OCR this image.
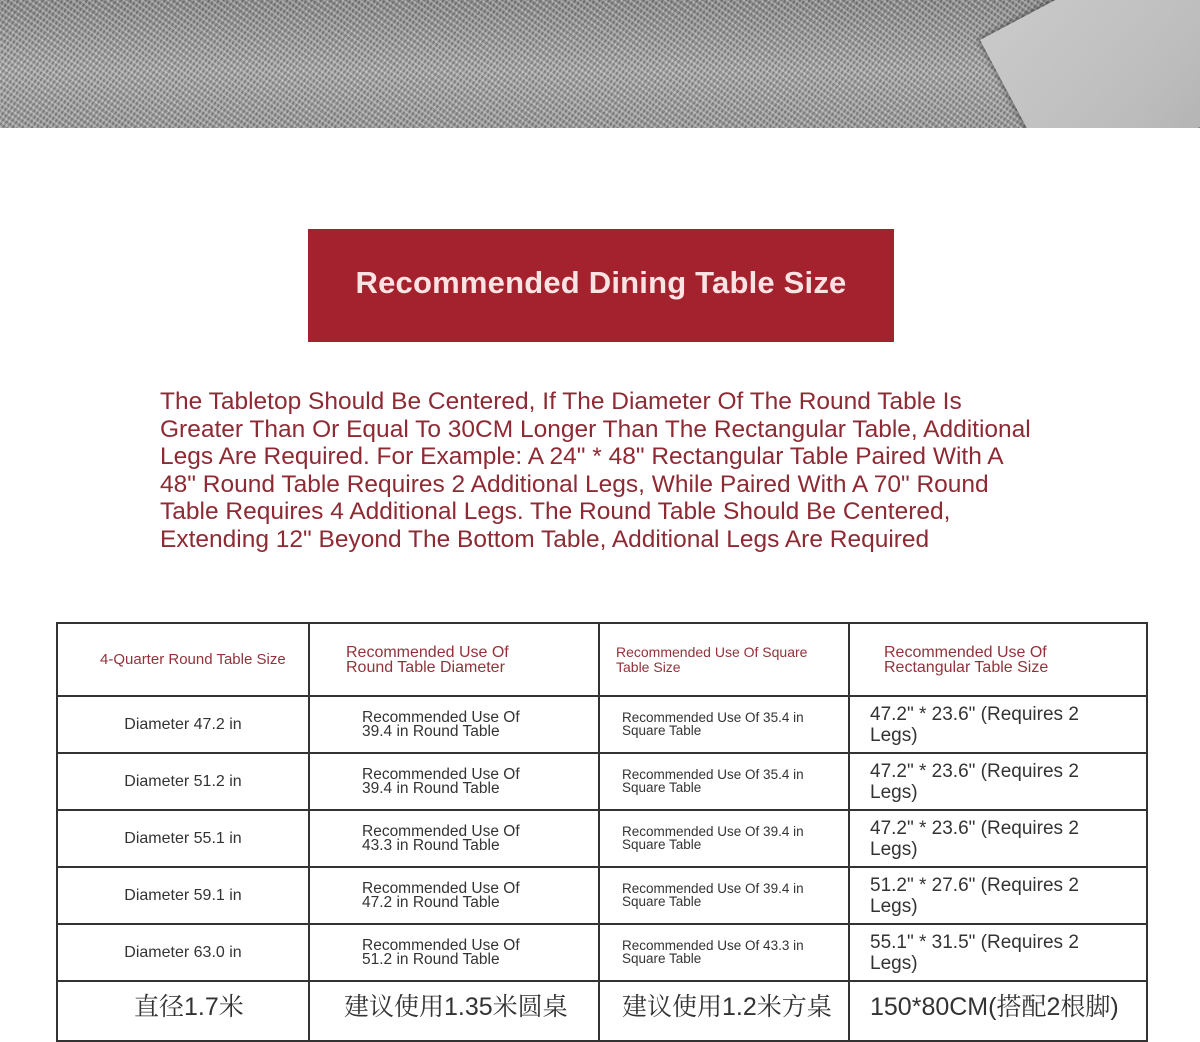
Recommended Dining Table Size

The Tabletop Should Be Centered, If The Diameter Of The Round Table Is Greater Than Or Equal To 30CM Longer Than The Rectangular Table, Additional Legs Are Required. For Example: A 24" * 48" Rectangular Table Paired With A 48" Round Table Requires 2 Additional Legs, While Paired With A 70" Round Table Requires 4 Additional Legs. The Round Table Should Be Centered, Extending 12" Beyond The Bottom Table, Additional Legs Are Required

4-Quarter Round Table Size	Recommended Use Of Round Table Diameter	Recommended Use Of Square Table Size	Recommended Use Of Rectangular Table Size
Diameter 47.2 in	Recommended Use Of 39.4 in Round Table	Recommended Use Of 35.4 in Square Table	47.2" * 23.6" (Requires 2 Legs)
Diameter 51.2 in	Recommended Use Of 39.4 in Round Table	Recommended Use Of 35.4 in Square Table	47.2" * 23.6" (Requires 2 Legs)
Diameter 55.1 in	Recommended Use Of 43.3 in Round Table	Recommended Use Of 39.4 in Square Table	47.2" * 23.6" (Requires 2 Legs)
Diameter 59.1 in	Recommended Use Of 47.2 in Round Table	Recommended Use Of 39.4 in Square Table	51.2" * 27.6" (Requires 2 Legs)
Diameter 63.0 in	Recommended Use Of 51.2 in Round Table	Recommended Use Of 43.3 in Square Table	55.1" * 31.5" (Requires 2 Legs)

直径1.7米	建议使用1.35米圆桌	建议使用1.2米方桌	150*80CM(搭配2根脚)
